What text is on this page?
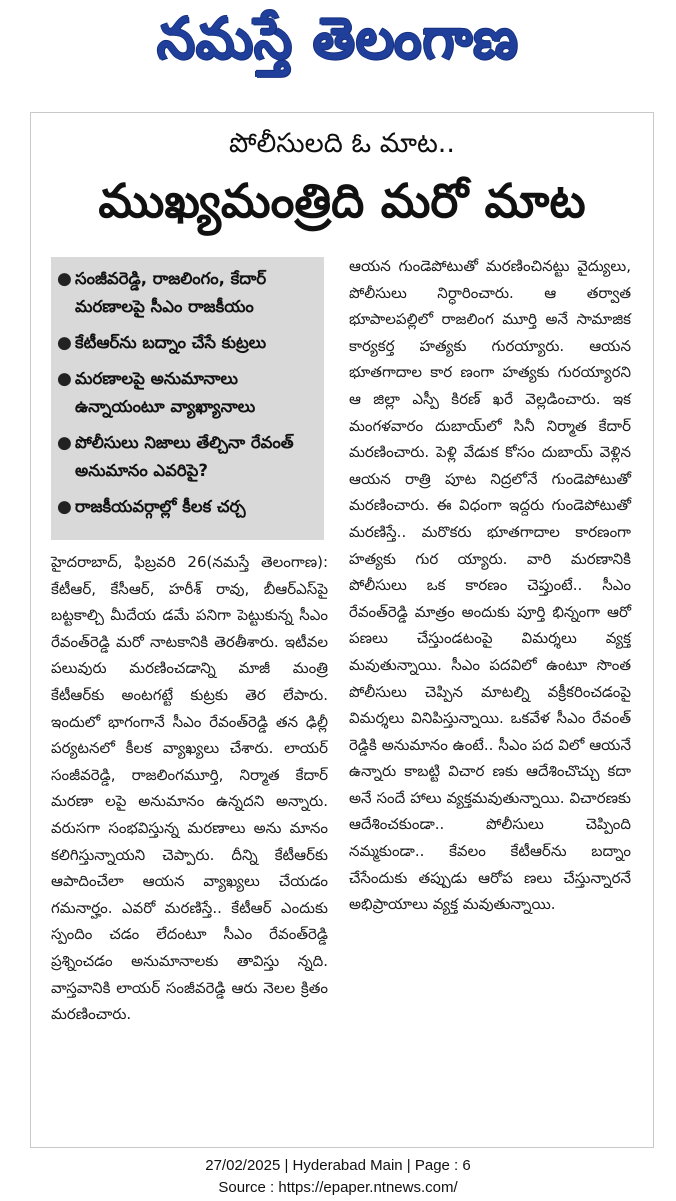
నమస్తే తెలంగాణ
పోలీసులది ఓ మాట..
ముఖ్యమంత్రిది మరో మాట
● సంజీవరెడ్డి, రాజలింగం, కేదార్ మరణాలపై సీఎం రాజకీయం
● కేటీఆర్‌ను బద్నాం చేసే కుట్రలు
● మరణాలపై అనుమానాలు ఉన్నాయంటూ వ్యాఖ్యానాలు
● పోలీసులు నిజాలు తేల్చినా రేవంత్ అనుమానం ఎవరిపై?
● రాజకీయవర్గాల్లో కీలక చర్చ

హైదరాబాద్, ఫిబ్రవరి 26(నమస్తే తెలంగాణ): కేటీఆర్, కేసీఆర్, హరీశ్ రావు, బీఆర్‌ఎస్‌పై బట్టకాల్చి మీదేయ డమే పనిగా పెట్టుకున్న సీఎం రేవంత్‌రెడ్డి మరో నాటకానికి తెరతీశారు. ఇటీవల పలువురు మరణించడాన్ని మాజీ మంత్రి కేటీఆర్‌కు అంటగట్టే కుట్రకు తెర లేపారు. ఇందులో భాగంగానే సీఎం రేవంత్‌రెడ్డి తన ఢిల్లీ పర్యటనలో కీలక వ్యాఖ్యలు చేశారు. లాయర్ సంజీవరెడ్డి, రాజలింగమూర్తి, నిర్మాత కేదార్ మరణా లపై అనుమానం ఉన్నదని అన్నారు. వరుసగా సంభవిస్తున్న మరణాలు అను మానం కలిగిస్తున్నాయని చెప్పారు. దీన్ని కేటీఆర్‌కు ఆపాదించేలా ఆయన వ్యాఖ్యలు చేయడం గమనార్హం. ఎవరో మరణిస్తే.. కేటీఆర్ ఎందుకు స్పందిం చడం లేదంటూ సీఎం రేవంత్‌రెడ్డి ప్రశ్నించడం అనుమానాలకు తావిస్తు న్నది. వాస్తవానికి లాయర్ సంజీవరెడ్డి ఆరు నెలల క్రితం మరణించారు.

ఆయన గుండెపోటుతో మరణించినట్టు వైద్యులు, పోలీసులు నిర్ధారించారు. ఆ తర్వాత భూపాలపల్లిలో రాజలింగ మూర్తి అనే సామాజిక కార్యకర్త హత్యకు గురయ్యారు. ఆయన భూతగాదాల కార ణంగా హత్యకు గురయ్యారని ఆ జిల్లా ఎస్పీ కిరణ్ ఖరే వెల్లడించారు. ఇక మంగళవారం దుబాయ్‌లో సినీ నిర్మాత కేదార్ మరణించారు. పెళ్లి వేడుక కోసం దుబాయ్ వెళ్లిన ఆయన రాత్రి పూట నిద్రలోనే గుండెపోటుతో మరణించారు. ఈ విధంగా ఇద్దరు గుండెపోటుతో మరణిస్తే.. మరొకరు భూతగాదాల కారణంగా హత్యకు గుర య్యారు. వారి మరణానికి పోలీసులు ఒక కారణం చెప్తుంటే.. సీఎం రేవంత్‌రెడ్డి మాత్రం అందుకు పూర్తి భిన్నంగా ఆరో పణలు చేస్తుండటంపై విమర్శలు వ్యక్త మవుతున్నాయి. సీఎం పదవిలో ఉంటూ సొంత పోలీసులు చెప్పిన మాటల్ని వక్రీకరించడంపై విమర్శలు వినిపిస్తున్నాయి. ఒకవేళ సీఎం రేవంత్ రెడ్డికి అనుమానం ఉంటే.. సీఎం పద విలో ఆయనే ఉన్నారు కాబట్టి విచార ణకు ఆదేశించొచ్చు కదా అనే సందే హాలు వ్యక్తమవుతున్నాయి. విచారణకు ఆదేశించకుండా.. పోలీసులు చెప్పింది నమ్మకుండా.. కేవలం కేటీఆర్‌ను బద్నాం చేసేందుకు తప్పుడు ఆరోప ణలు చేస్తున్నారనే అభిప్రాయాలు వ్యక్త మవుతున్నాయి.

27/02/2025 | Hyderabad Main | Page : 6
Source : https://epaper.ntnews.com/
